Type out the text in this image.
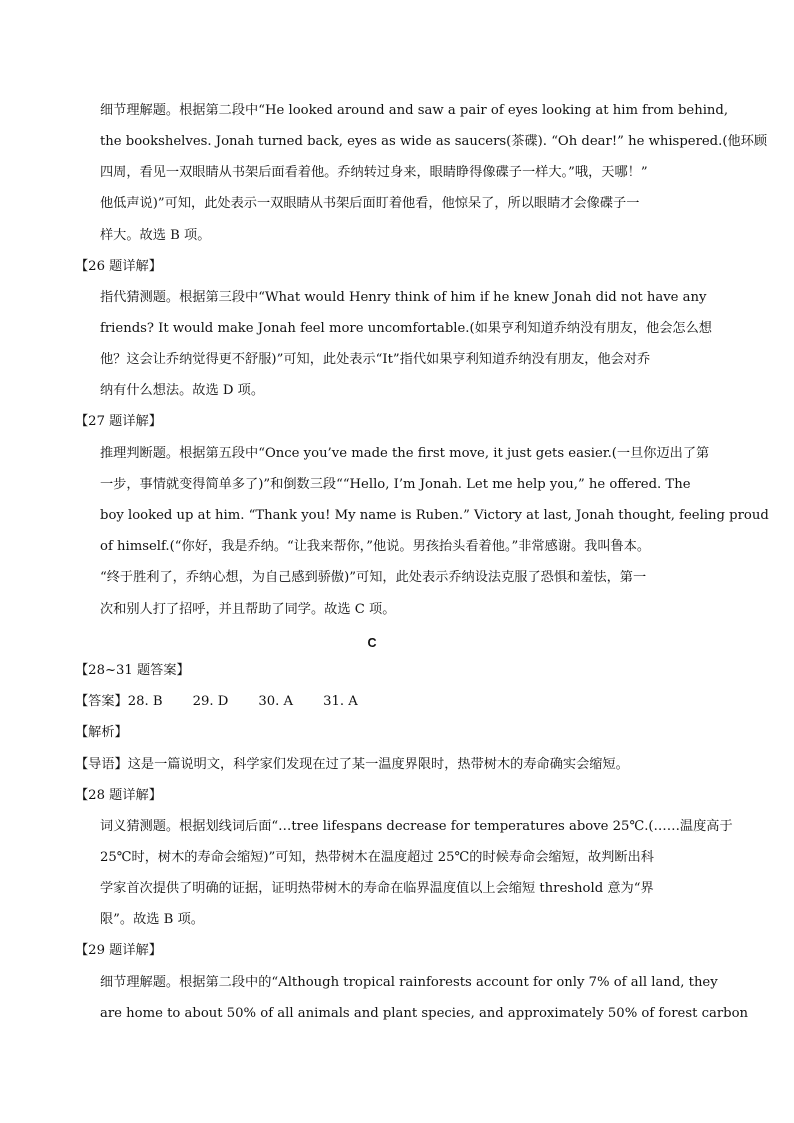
细节理解题。根据第二段中“He looked around and saw a pair of eyes looking at him from behind,
the bookshelves. Jonah turned back, eyes as wide as saucers(茶碟). “Oh dear!” he whispered.(他环顾
四周，看见一双眼睛从书架后面看着他。乔纳转过身来，眼睛睁得像碟子一样大。”哦，天哪！”
他低声说)”可知，此处表示一双眼睛从书架后面盯着他看，他惊呆了，所以眼睛才会像碟子一
样大。故选 B 项。
【26 题详解】
指代猜测题。根据第三段中“What would Henry think of him if he knew Jonah did not have any
friends? It would make Jonah feel more uncomfortable.(如果亨利知道乔纳没有朋友，他会怎么想
他？这会让乔纳觉得更不舒服)”可知，此处表示“It”指代如果亨利知道乔纳没有朋友，他会对乔
纳有什么想法。故选 D 项。
【27 题详解】
推理判断题。根据第五段中“Once you’ve made the first move, it just gets easier.(一旦你迈出了第
一步，事情就变得简单多了)”和倒数三段““Hello, I’m Jonah. Let me help you,” he offered. The
boy looked up at him. “Thank you! My name is Ruben.” Victory at last, Jonah thought, feeling proud
of himself.(“你好，我是乔纳。“让我来帮你，”他说。男孩抬头看着他。”非常感谢。我叫鲁本。
“终于胜利了，乔纳心想，为自己感到骄傲)”可知，此处表示乔纳设法克服了恐惧和羞怯，第一
次和别人打了招呼，并且帮助了同学。故选 C 项。
C
【28~31 题答案】
【答案】28. B 29. D 30. A 31. A
【解析】
【导语】这是一篇说明文，科学家们发现在过了某一温度界限时，热带树木的寿命确实会缩短。
【28 题详解】
词义猜测题。根据划线词后面“…tree lifespans decrease for temperatures above 25℃.(……温度高于
25℃时，树木的寿命会缩短)”可知，热带树木在温度超过 25℃的时候寿命会缩短，故判断出科
学家首次提供了明确的证据，证明热带树木的寿命在临界温度值以上会缩短 threshold 意为“界
限”。故选 B 项。
【29 题详解】
细节理解题。根据第二段中的“Although tropical rainforests account for only 7% of all land, they
are home to about 50% of all animals and plant species, and approximately 50% of forest carbon
